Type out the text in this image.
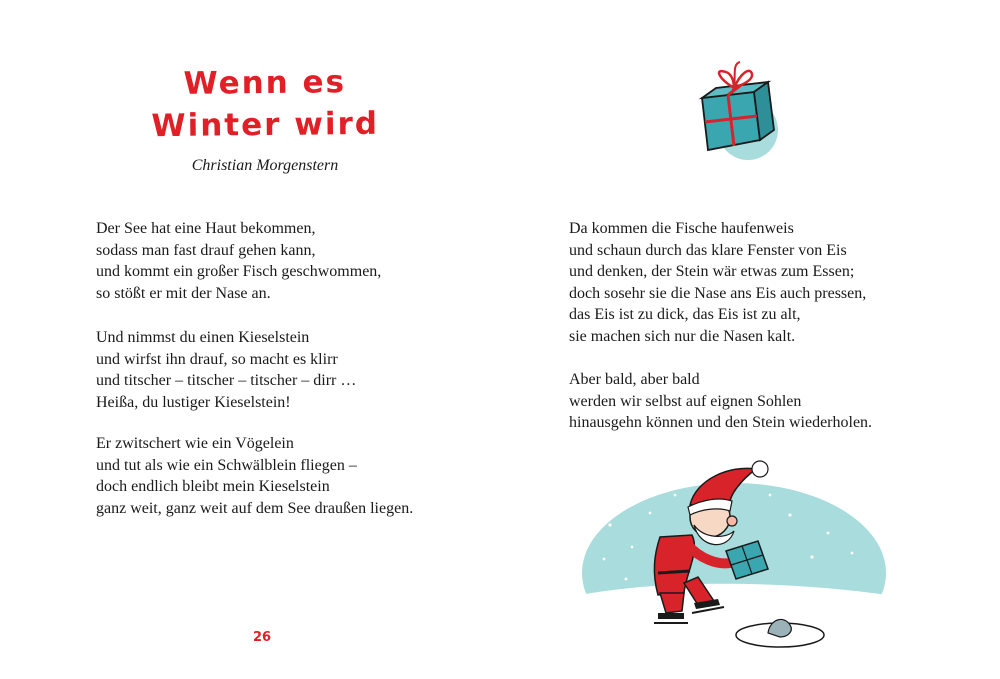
Wenn es
Winter wird
Christian Morgenstern
Der See hat eine Haut bekommen,
sodass man fast drauf gehen kann,
und kommt ein großer Fisch geschwommen,
so stößt er mit der Nase an.
Und nimmst du einen Kieselstein
und wirfst ihn drauf, so macht es klirr
und titscher – titscher – titscher – dirr …
Heißa, du lustiger Kieselstein!
Er zwitschert wie ein Vögelein
und tut als wie ein Schwälblein fliegen –
doch endlich bleibt mein Kieselstein
ganz weit, ganz weit auf dem See draußen liegen.
26
Da kommen die Fische haufenweis
und schaun durch das klare Fenster von Eis
und denken, der Stein wär etwas zum Essen;
doch sosehr sie die Nase ans Eis auch pressen,
das Eis ist zu dick, das Eis ist zu alt,
sie machen sich nur die Nasen kalt.
Aber bald, aber bald
werden wir selbst auf eignen Sohlen
hinausgehn können und den Stein wiederholen.
